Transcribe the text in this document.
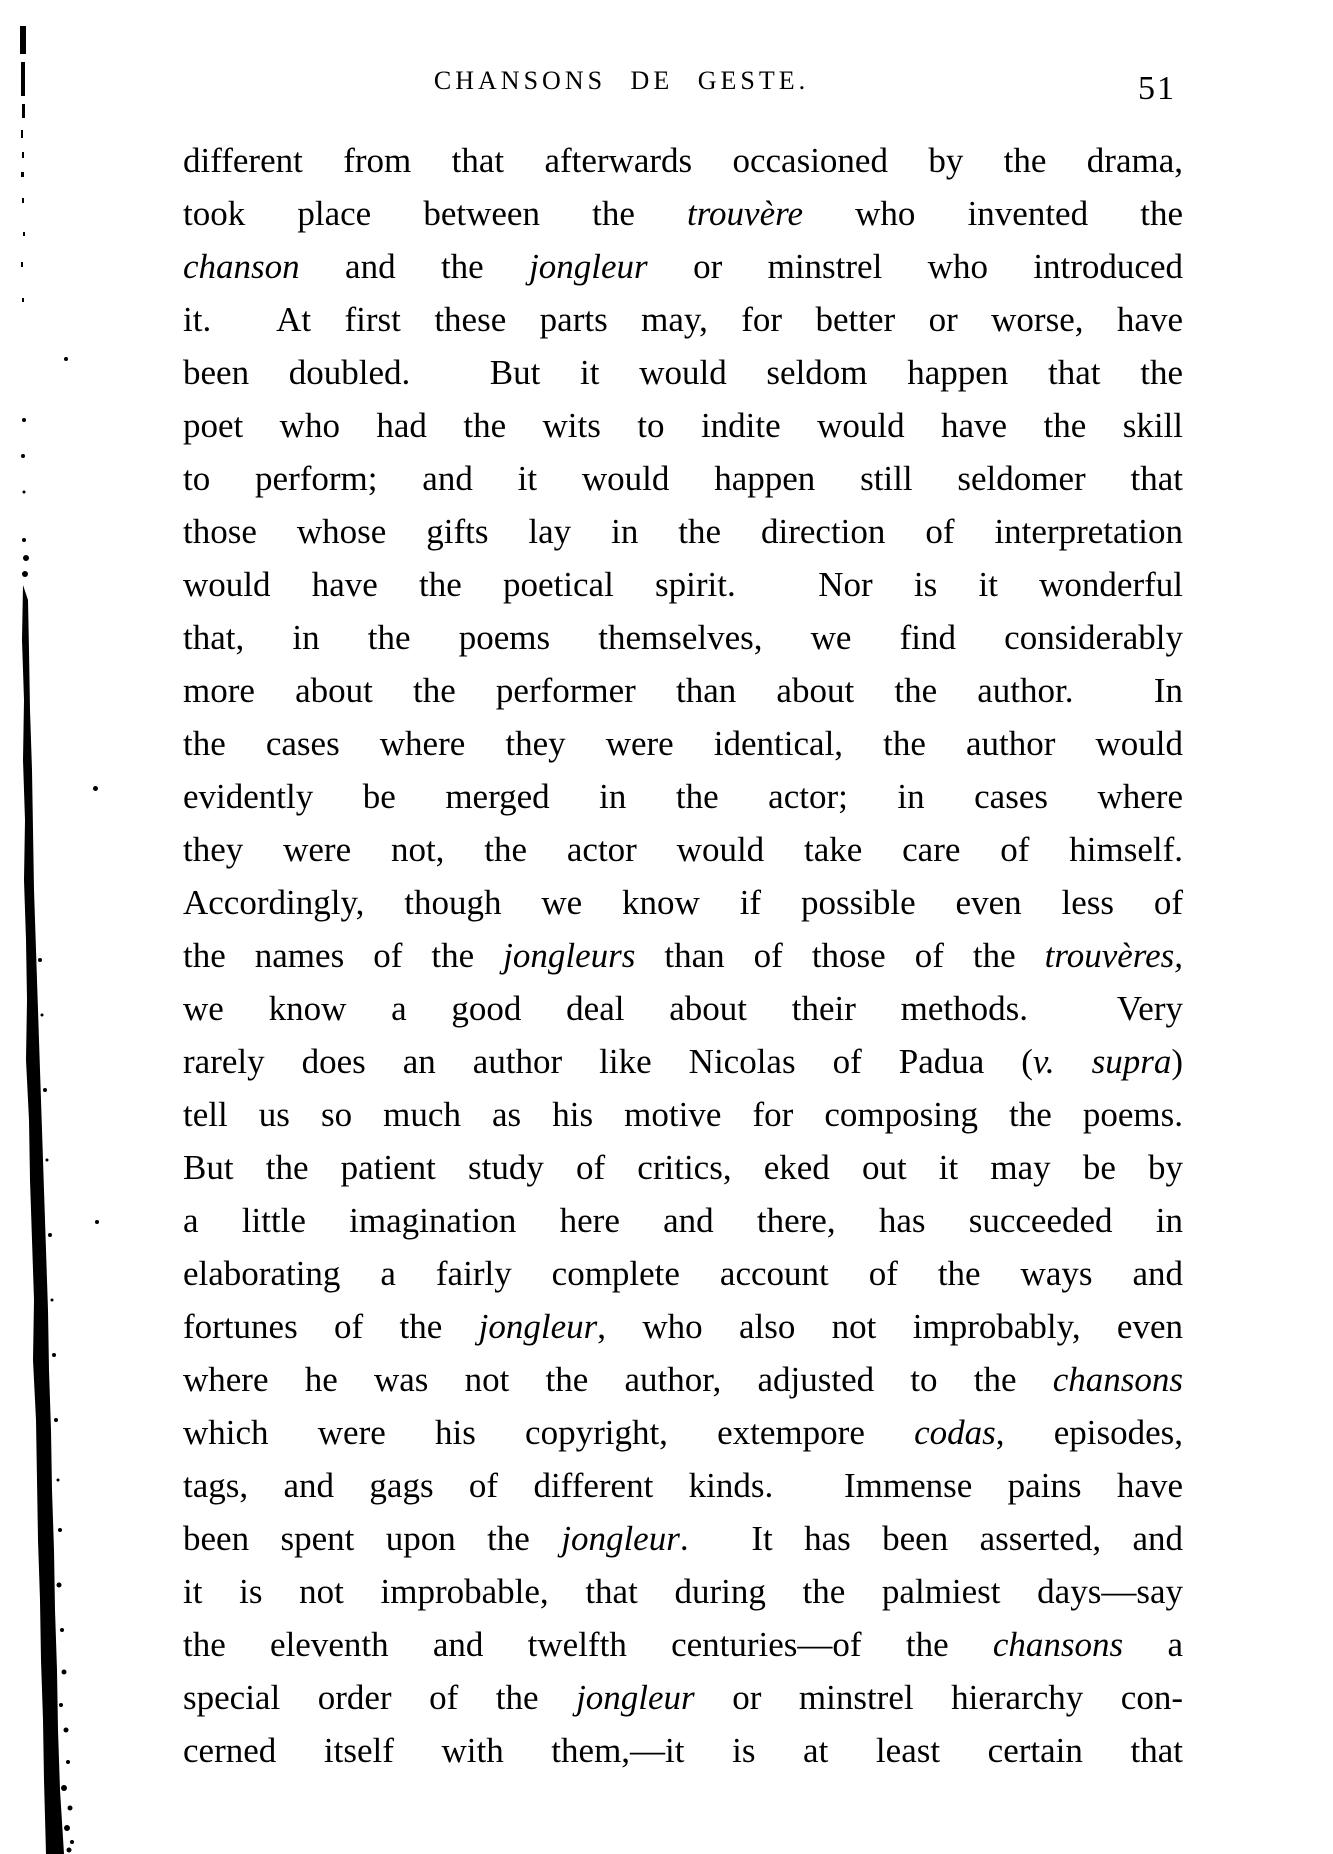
CHANSONS DE GESTE.	51
different from that afterwards occasioned by the drama,
took place between the trouvère who invented the
chanson and the jongleur or minstrel who introduced
it.  At first these parts may, for better or worse, have
been doubled.  But it would seldom happen that the
poet who had the wits to indite would have the skill
to perform; and it would happen still seldomer that
those whose gifts lay in the direction of interpretation
would have the poetical spirit.  Nor is it wonderful
that, in the poems themselves, we find considerably
more about the performer than about the author.  In
the cases where they were identical, the author would
evidently be merged in the actor; in cases where
they were not, the actor would take care of himself.
Accordingly, though we know if possible even less of
the names of the jongleurs than of those of the trouvères,
we know a good deal about their methods.  Very
rarely does an author like Nicolas of Padua (v. supra)
tell us so much as his motive for composing the poems.
But the patient study of critics, eked out it may be by
a little imagination here and there, has succeeded in
elaborating a fairly complete account of the ways and
fortunes of the jongleur, who also not improbably, even
where he was not the author, adjusted to the chansons
which were his copyright, extempore codas, episodes,
tags, and gags of different kinds.  Immense pains have
been spent upon the jongleur.  It has been asserted, and
it is not improbable, that during the palmiest days—say
the eleventh and twelfth centuries—of the chansons a
special order of the jongleur or minstrel hierarchy con-
cerned itself with them,—it is at least certain that
